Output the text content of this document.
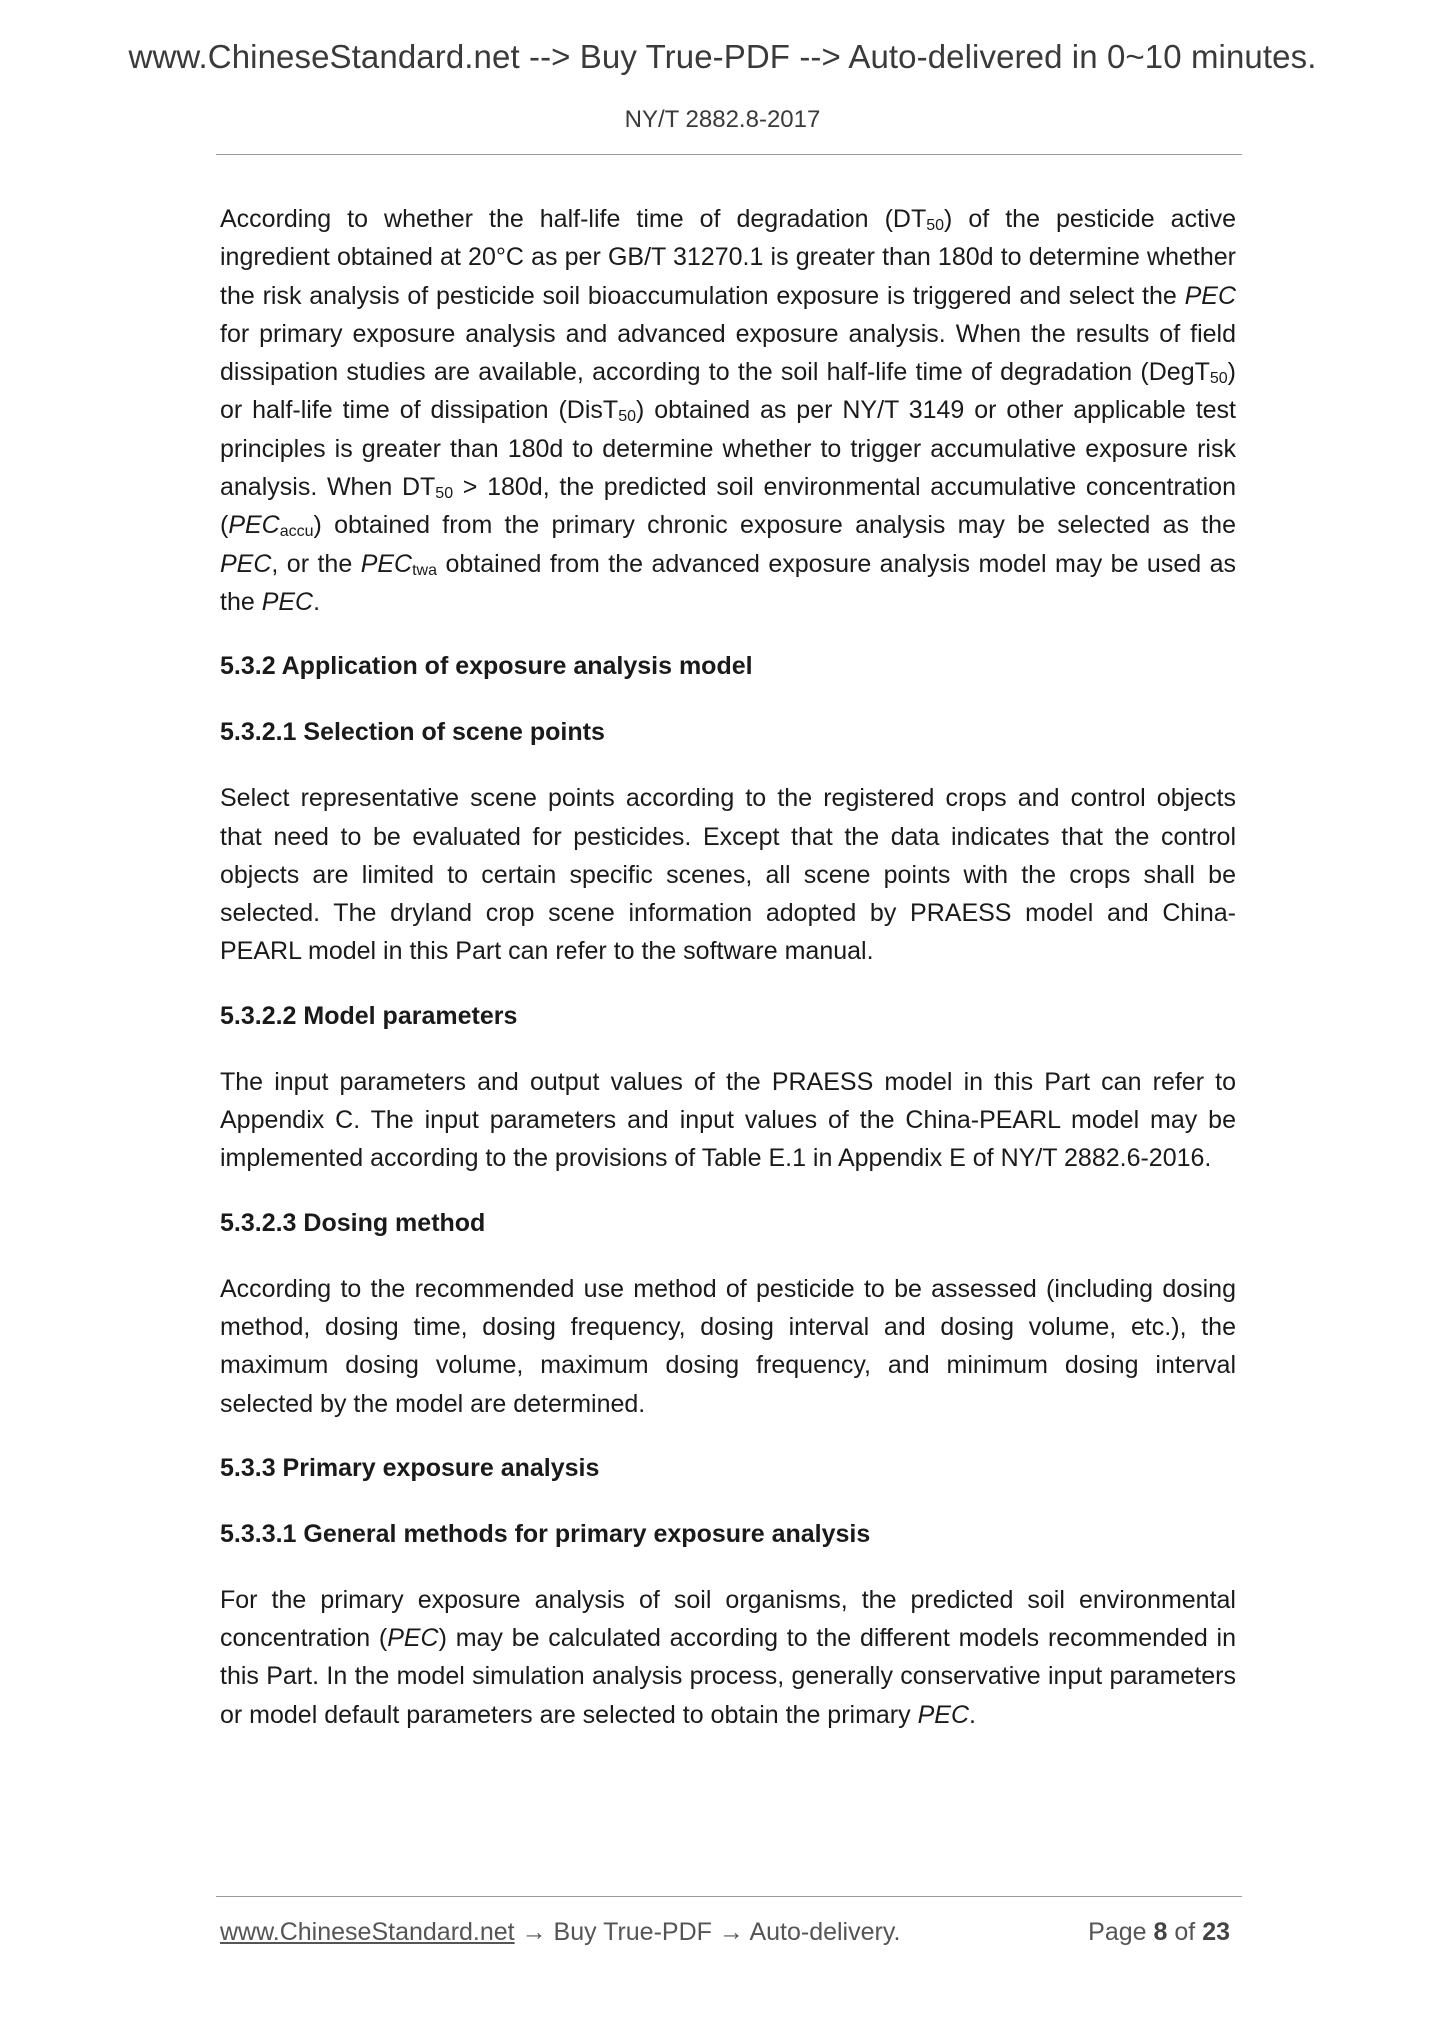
www.ChineseStandard.net --> Buy True-PDF --> Auto-delivered in 0~10 minutes.
NY/T 2882.8-2017

According to whether the half-life time of degradation $(DT_{50})$ of the pesticide active ingredient obtained at 20°C as per GB/T 31270.1 is greater than 180d to determine whether the risk analysis of pesticide soil bioaccumulation exposure is triggered and select the PEC for primary exposure analysis and advanced exposure analysis. When the results of field dissipation studies are available, according to the soil half-life time of degradation (DegT$_{50}$) or half-life time of dissipation (DisT$_{50}$) obtained as per NY/T 3149 or other applicable test principles is greater than 180d to determine whether to trigger accumulative exposure risk analysis. When $DT_{50} > 180d$, the predicted soil environmental accumulative concentration $(PEC_{accu})$ obtained from the primary chronic exposure analysis may be selected as the PEC, or the $PEC_{twa}$ obtained from the advanced exposure analysis model may be used as the PEC.

5.3.2 Application of exposure analysis model
5.3.2.1 Selection of scene points

Select representative scene points according to the registered crops and control objects that need to be evaluated for pesticides. Except that the data indicates that the control objects are limited to certain specific scenes, all scene points with the crops shall be selected. The dryland crop scene information adopted by PRAESS model and China-PEARL model in this Part can refer to the software manual.

5.3.2.2 Model parameters

The input parameters and output values of the PRAESS model in this Part can refer to Appendix C. The input parameters and input values of the China-PEARL model may be implemented according to the provisions of Table E.1 in Appendix E of NY/T 2882.6-2016.

5.3.2.3 Dosing method

According to the recommended use method of pesticide to be assessed (including dosing method, dosing time, dosing frequency, dosing interval and dosing volume, etc.), the maximum dosing volume, maximum dosing frequency, and minimum dosing interval selected by the model are determined.

5.3.3 Primary exposure analysis
5.3.3.1 General methods for primary exposure analysis

For the primary exposure analysis of soil organisms, the predicted soil environmental concentration (PEC) may be calculated according to the different models recommended in this Part. In the model simulation analysis process, generally conservative input parameters or model default parameters are selected to obtain the primary PEC.

www.ChineseStandard.net → Buy True-PDF → Auto-delivery.	Page 8 of 23
